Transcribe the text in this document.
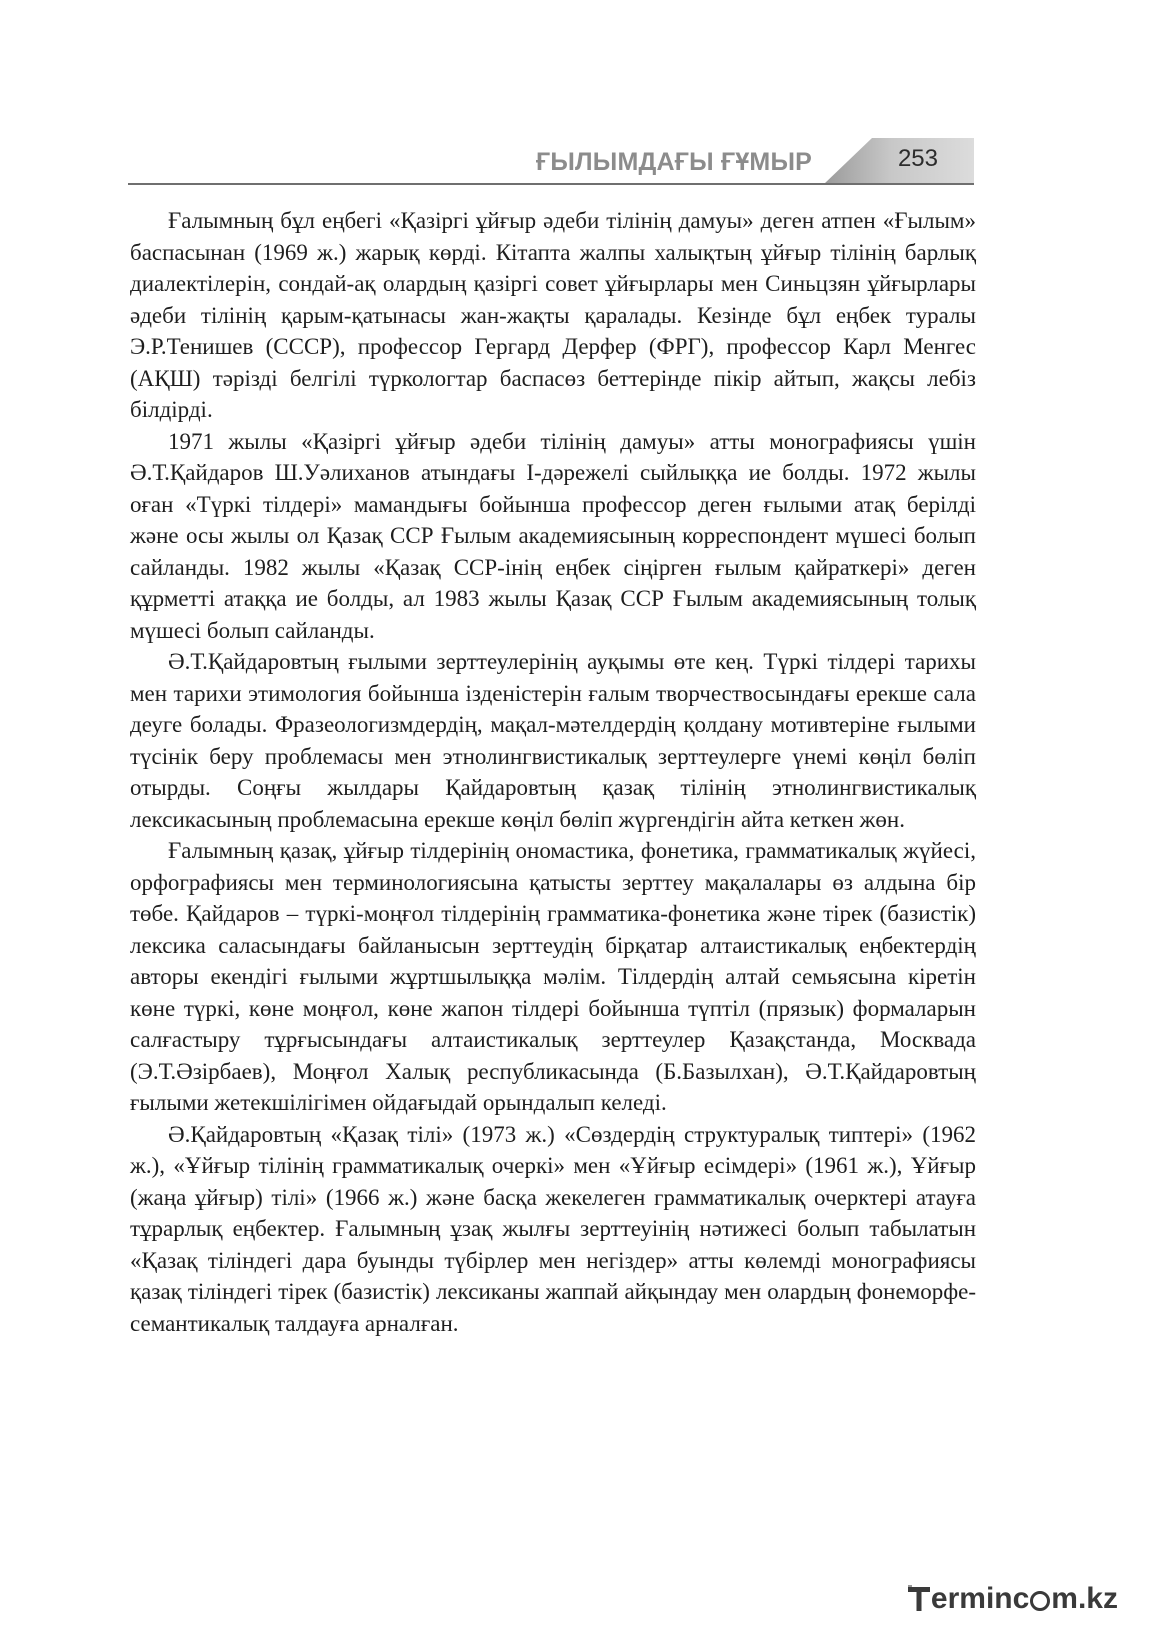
ҒЫЛЫМДАҒЫ ҒҰМЫР	253

Ғалымның бұл еңбегі «Қазіргі ұйғыр әдеби тілінің дамуы» деген атпен «Ғылым» баспасынан (1969 ж.) жарық көрді. Кітапта жалпы халықтың ұйғыр тілінің барлық диалектілерін, сондай-ақ олардың қазіргі совет ұйғырлары мен Синьцзян ұйғырлары әдеби тілінің қарым-қатынасы жан-жақты қаралады. Кезінде бұл еңбек туралы Э.Р.Тенишев (СССР), профессор Гергард Дерфер (ФРГ), профессор Карл Менгес (АҚШ) тәрізді белгілі түркологтар баспасөз беттерінде пікір айтып, жақсы лебіз білдірді.

1971 жылы «Қазіргі ұйғыр әдеби тілінің дамуы» атты монографиясы үшін Ә.Т.Қайдаров Ш.Уәлиханов атындағы I-дәрежелі сыйлыққа ие болды. 1972 жылы оған «Түркі тілдері» мамандығы бойынша профессор деген ғылыми атақ берілді және осы жылы ол Қазақ ССР Ғылым академиясының корреспондент мүшесі болып сайланды. 1982 жылы «Қазақ ССР-інің еңбек сіңірген ғылым қайраткері» деген құрметті атаққа ие болды, ал 1983 жылы Қазақ ССР Ғылым академиясының толық мүшесі болып сайланды.

Ә.Т.Қайдаровтың ғылыми зерттеулерінің ауқымы өте кең. Түркі тілдері тарихы мен тарихи этимология бойынша ізденістерін ғалым творчествосындағы ерекше сала деуге болады. Фразеологизмдердің, мақал-мәтелдердің қолдану мотивтеріне ғылыми түсінік беру проблемасы мен этнолингвистикалық зерттеулерге үнемі көңіл бөліп отырды. Соңғы жылдары Қайдаровтың қазақ тілінің этнолингвистикалық лексикасының проблемасына ерекше көңіл бөліп жүргендігін айта кеткен жөн.

Ғалымның қазақ, ұйғыр тілдерінің ономастика, фонетика, грамматикалық жүйесі, орфографиясы мен терминологиясына қатысты зерттеу мақалалары өз алдына бір төбе. Қайдаров – түркі-моңғол тілдерінің грамматика-фонетика және тірек (базистік) лексика саласындағы байланысын зерттеудің бірқатар алтаистикалық еңбектердің авторы екендігі ғылыми жұртшылыққа мәлім. Тілдердің алтай семьясына кіретін көне түркі, көне моңғол, көне жапон тілдері бойынша түптіл (прязык) формаларын салғастыру тұрғысындағы алтаистикалық зерттеулер Қазақстанда, Москвада (Э.Т.Әзірбаев), Моңғол Халық республикасында (Б.Базылхан), Ә.Т.Қайдаровтың ғылыми жетекшілігімен ойдағыдай орындалып келеді.

Ә.Қайдаровтың «Қазақ тілі» (1973 ж.) «Сөздердің структуралық типтері» (1962 ж.), «Ұйғыр тілінің грамматикалық очеркі» мен «Ұйғыр есімдері» (1961 ж.), Ұйғыр (жаңа ұйғыр) тілі» (1966 ж.) және басқа жекелеген грамматикалық очерктері атауға тұрарлық еңбектер. Ғалымның ұзақ жылғы зерттеуінің нәтижесі болып табылатын «Қазақ тіліндегі дара буынды түбірлер мен негіздер» атты көлемді монографиясы қазақ тіліндегі тірек (базистік) лексиканы жаппай айқындау мен олардың фонеморфе-семантикалық талдауға арналған.

ermin c m.kz
